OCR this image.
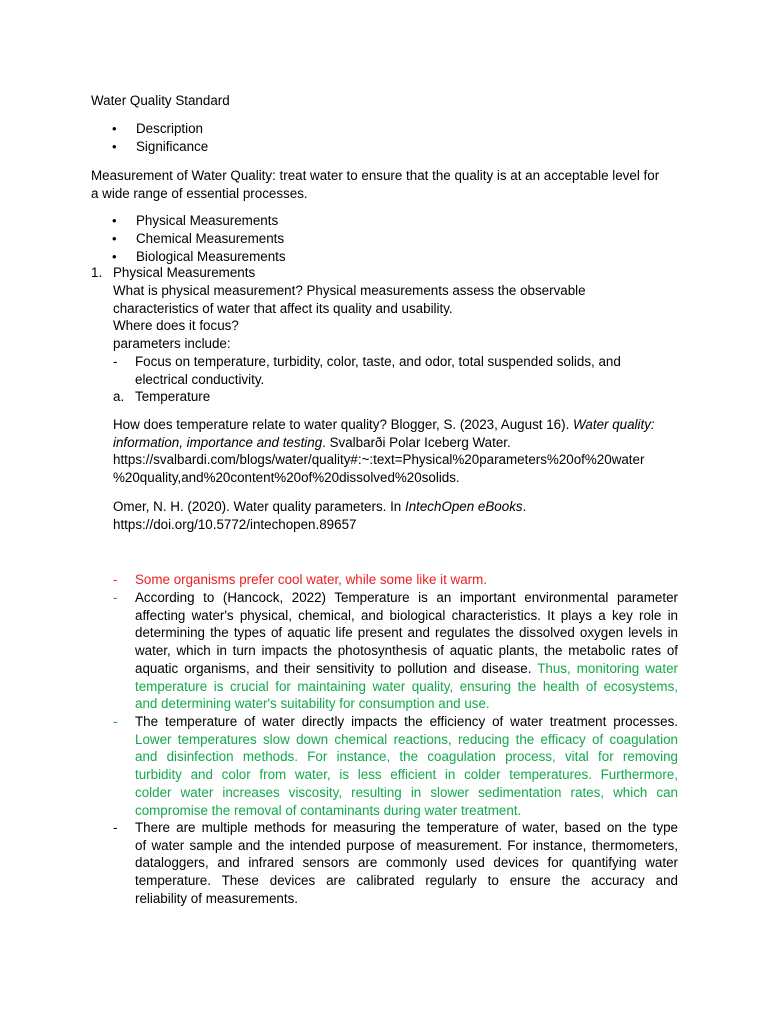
Water Quality Standard
• Description
• Significance
Measurement of Water Quality: treat water to ensure that the quality is at an acceptable level for
a wide range of essential processes.
• Physical Measurements
• Chemical Measurements
• Biological Measurements
1. Physical Measurements
What is physical measurement? Physical measurements assess the observable
characteristics of water that affect its quality and usability.
Where does it focus?
parameters include:
- Focus on temperature, turbidity, color, taste, and odor, total suspended solids, and
electrical conductivity.
a. Temperature
How does temperature relate to water quality? Blogger, S. (2023, August 16). Water quality:
information, importance and testing. Svalbarði Polar Iceberg Water.
https://svalbardi.com/blogs/water/quality#:~:text=Physical%20parameters%20of%20water
%20quality,and%20content%20of%20dissolved%20solids.
Omer, N. H. (2020). Water quality parameters. In IntechOpen eBooks.
https://doi.org/10.5772/intechopen.89657
- Some organisms prefer cool water, while some like it warm.
- According to (Hancock, 2022) Temperature is an important environmental parameter
affecting water's physical, chemical, and biological characteristics. It plays a key role in
determining the types of aquatic life present and regulates the dissolved oxygen levels in
water, which in turn impacts the photosynthesis of aquatic plants, the metabolic rates of
aquatic organisms, and their sensitivity to pollution and disease. Thus, monitoring water
temperature is crucial for maintaining water quality, ensuring the health of ecosystems,
and determining water's suitability for consumption and use.
- The temperature of water directly impacts the efficiency of water treatment processes.
Lower temperatures slow down chemical reactions, reducing the efficacy of coagulation
and disinfection methods. For instance, the coagulation process, vital for removing
turbidity and color from water, is less efficient in colder temperatures. Furthermore,
colder water increases viscosity, resulting in slower sedimentation rates, which can
compromise the removal of contaminants during water treatment.
- There are multiple methods for measuring the temperature of water, based on the type
of water sample and the intended purpose of measurement. For instance, thermometers,
dataloggers, and infrared sensors are commonly used devices for quantifying water
temperature. These devices are calibrated regularly to ensure the accuracy and
reliability of measurements.
